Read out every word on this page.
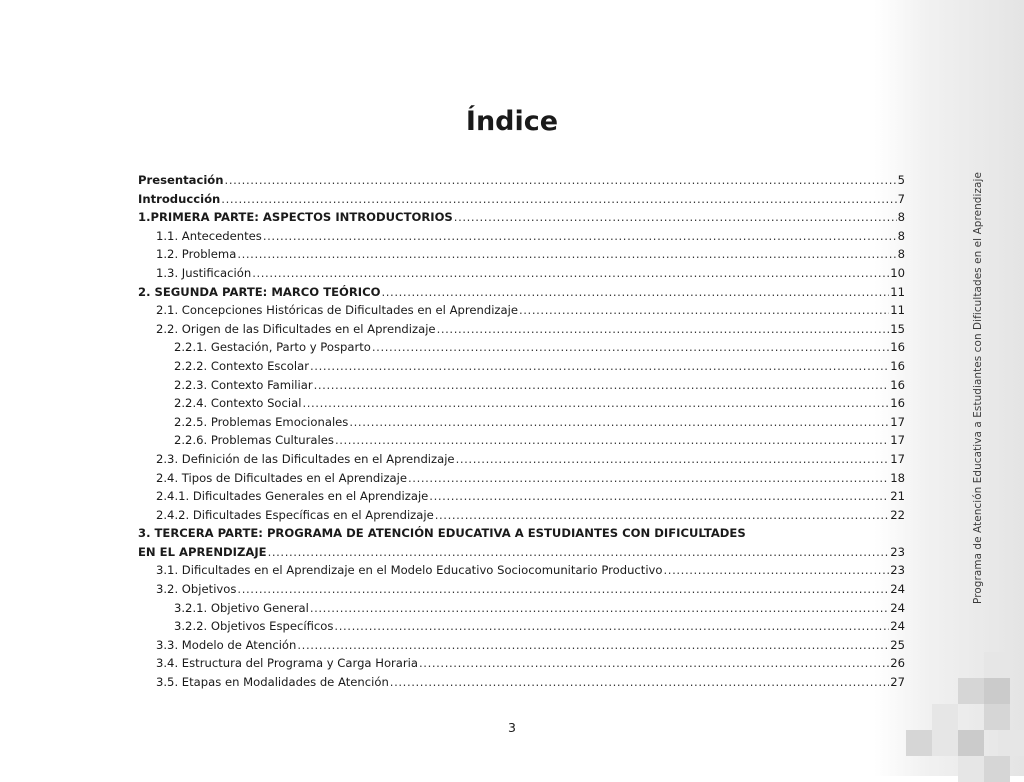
Programa de Atención Educativa a Estudiantes con Dificultades en el Aprendizaje
Índice
Presentación .....	5
Introducción .....	7
1.PRIMERA PARTE: ASPECTOS INTRODUCTORIOS .....	8
1.1. Antecedentes .....	8
1.2. Problema .....	8
1.3. Justificación .....	10
2. SEGUNDA PARTE: MARCO TEÓRICO .....	11
2.1. Concepciones Históricas de Dificultades en el Aprendizaje .....	11
2.2. Origen de las Dificultades en el Aprendizaje .....	15
2.2.1. Gestación, Parto y Posparto .....	16
2.2.2. Contexto Escolar .....	16
2.2.3. Contexto Familiar .....	16
2.2.4. Contexto Social .....	16
2.2.5. Problemas Emocionales .....	17
2.2.6. Problemas Culturales .....	17
2.3. Definición de las Dificultades en el Aprendizaje .....	17
2.4. Tipos de Dificultades en el Aprendizaje .....	18
2.4.1. Dificultades Generales en el Aprendizaje .....	21
2.4.2. Dificultades Específicas en el Aprendizaje .....	22
3. TERCERA PARTE: PROGRAMA DE ATENCIÓN EDUCATIVA A ESTUDIANTES CON DIFICULTADES
EN EL APRENDIZAJE .....	23
3.1. Dificultades en el Aprendizaje en el Modelo Educativo Sociocomunitario Productivo .....	23
3.2. Objetivos .....	24
3.2.1. Objetivo General .....	24
3.2.2. Objetivos Específicos .....	24
3.3. Modelo de Atención .....	25
3.4. Estructura del Programa y Carga Horaria .....	26
3.5. Etapas en Modalidades de Atención .....	27
3
